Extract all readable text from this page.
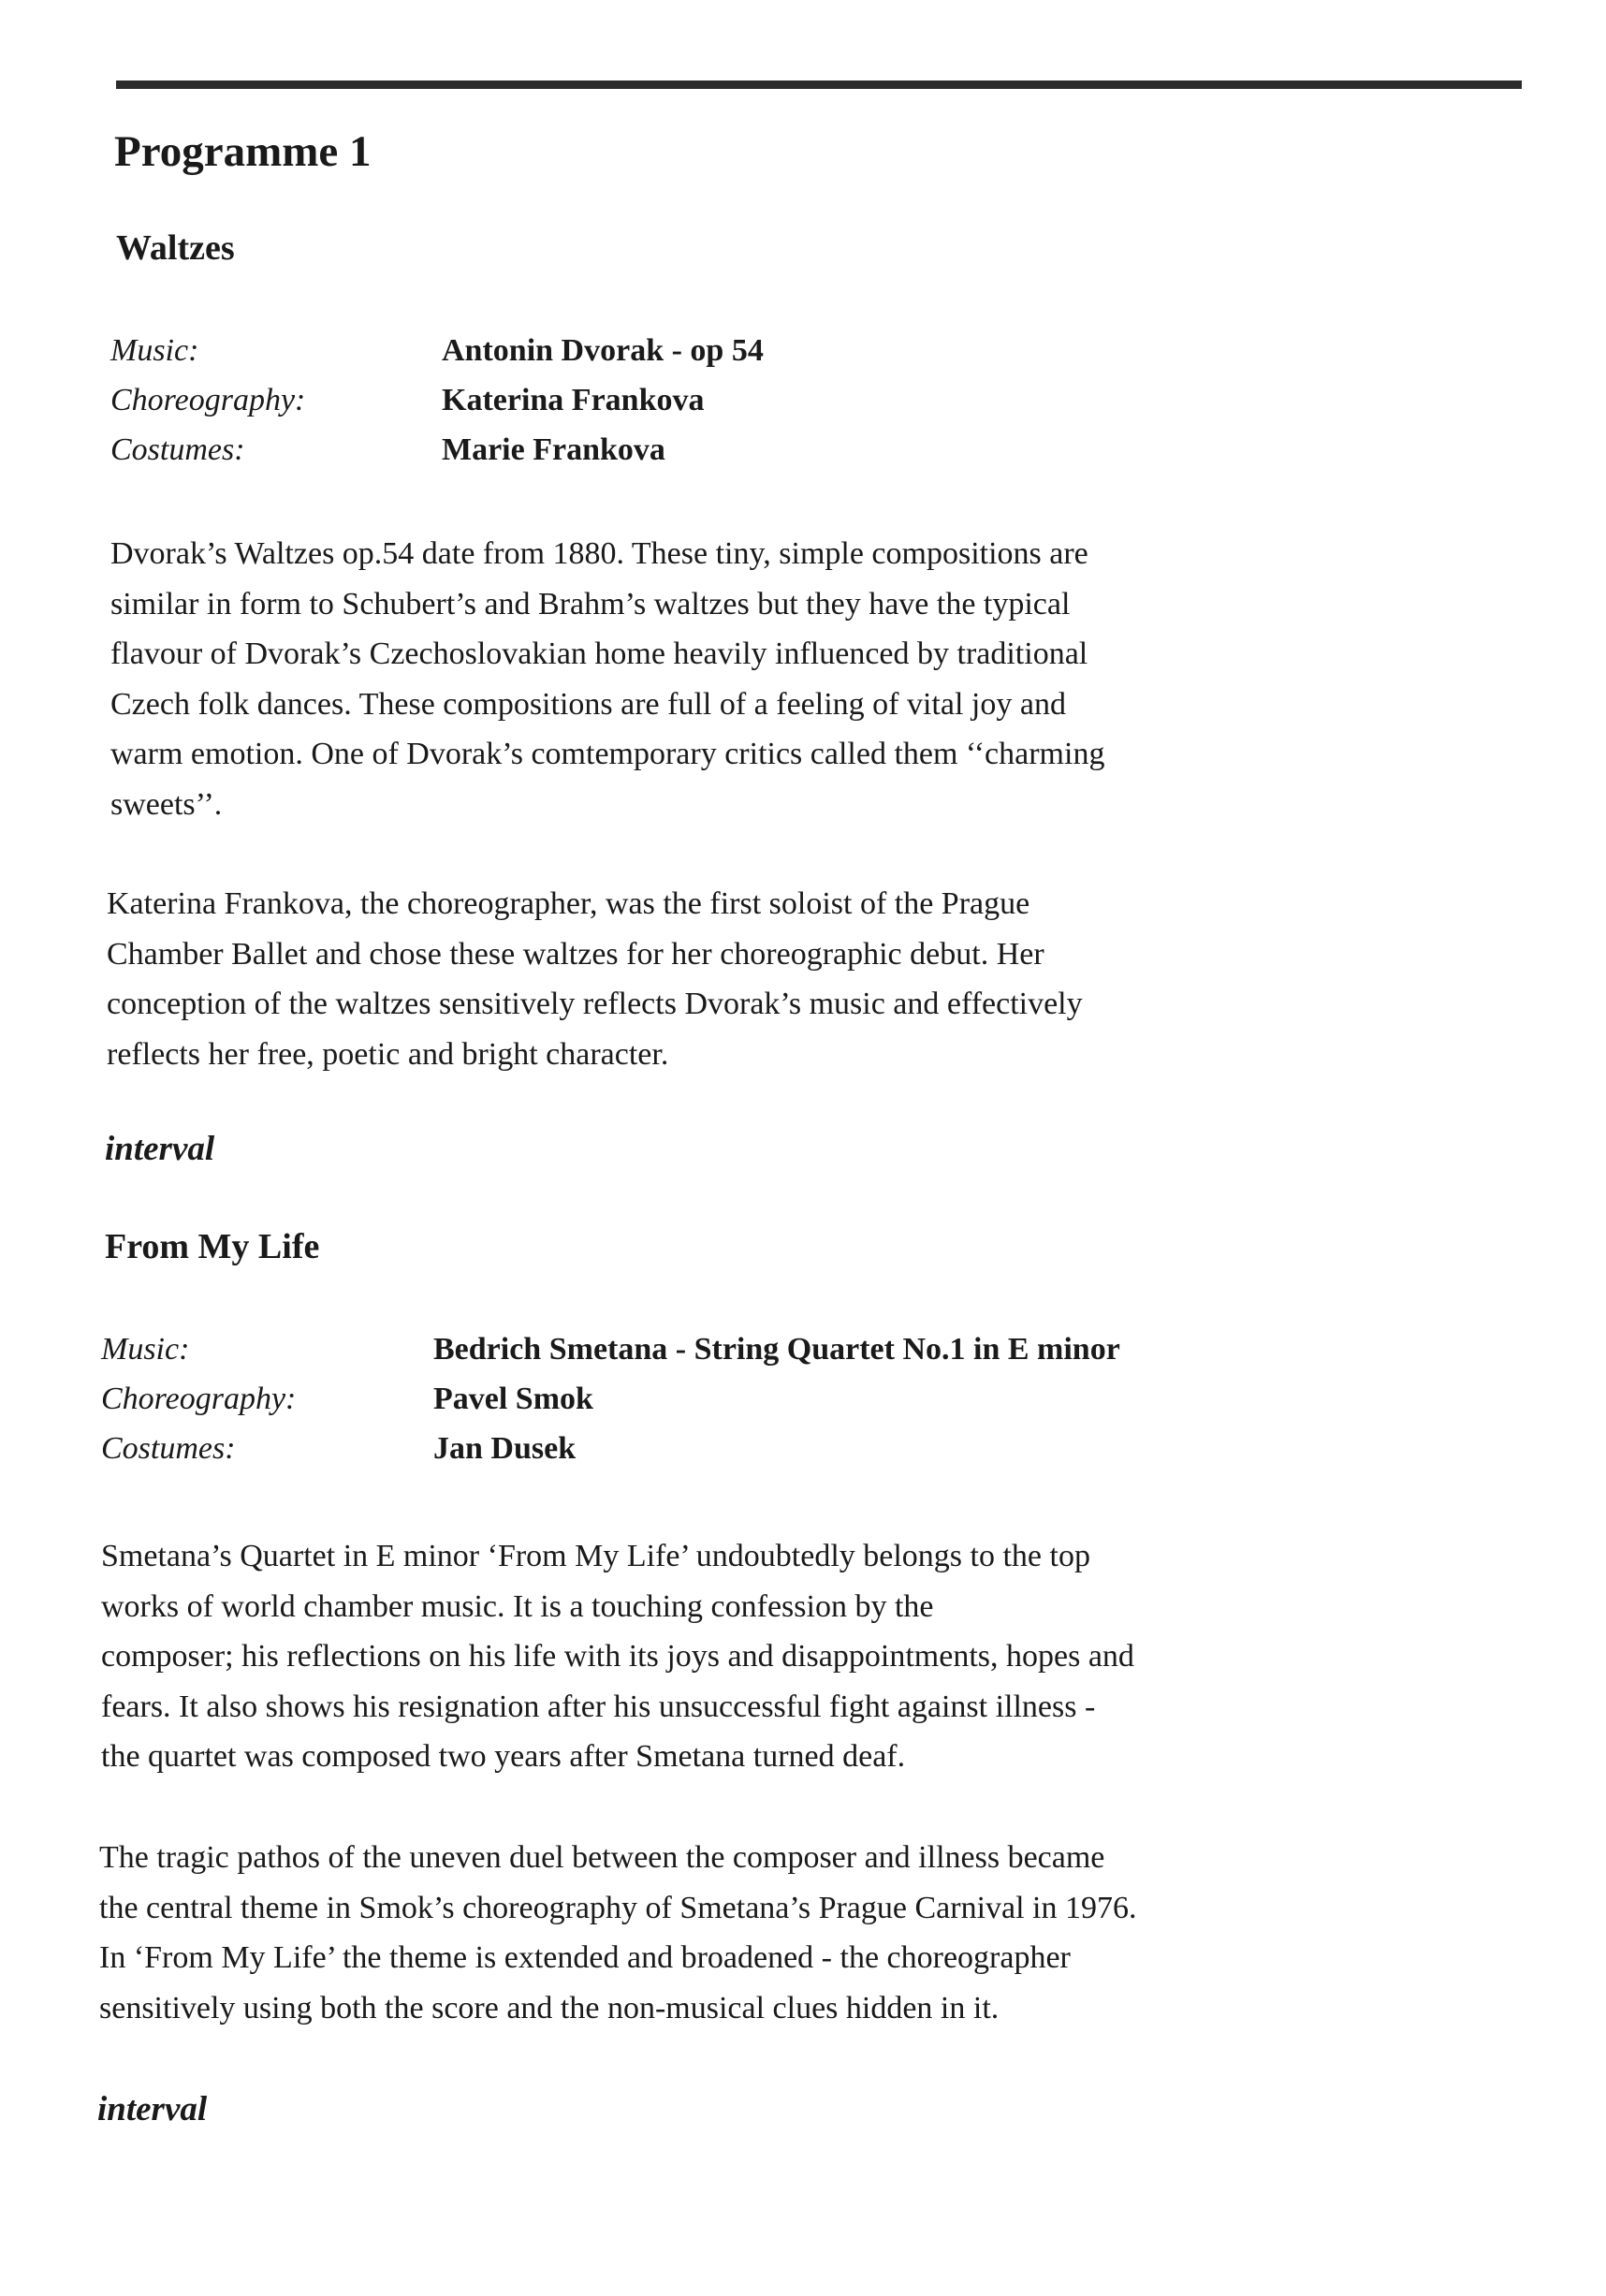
Programme 1
Waltzes
Music:	Antonin Dvorak - op 54
Choreography:	Katerina Frankova
Costumes:	Marie Frankova

Dvorak’s Waltzes op.54 date from 1880. These tiny, simple compositions are
similar in form to Schubert’s and Brahm’s waltzes but they have the typical
flavour of Dvorak’s Czechoslovakian home heavily influenced by traditional
Czech folk dances. These compositions are full of a feeling of vital joy and
warm emotion. One of Dvorak’s comtemporary critics called them ‘‘charming
sweets’’.

Katerina Frankova, the choreographer, was the first soloist of the Prague
Chamber Ballet and chose these waltzes for her choreographic debut. Her
conception of the waltzes sensitively reflects Dvorak’s music and effectively
reflects her free, poetic and bright character.

interval

From My Life
Music:	Bedrich Smetana - String Quartet No.1 in E minor
Choreography:	Pavel Smok
Costumes:	Jan Dusek

Smetana’s Quartet in E minor ‘From My Life’ undoubtedly belongs to the top
works of world chamber music. It is a touching confession by the
composer; his reflections on his life with its joys and disappointments, hopes and
fears. It also shows his resignation after his unsuccessful fight against illness -
the quartet was composed two years after Smetana turned deaf.

The tragic pathos of the uneven duel between the composer and illness became
the central theme in Smok’s choreography of Smetana’s Prague Carnival in 1976.
In ‘From My Life’ the theme is extended and broadened - the choreographer
sensitively using both the score and the non-musical clues hidden in it.

interval
